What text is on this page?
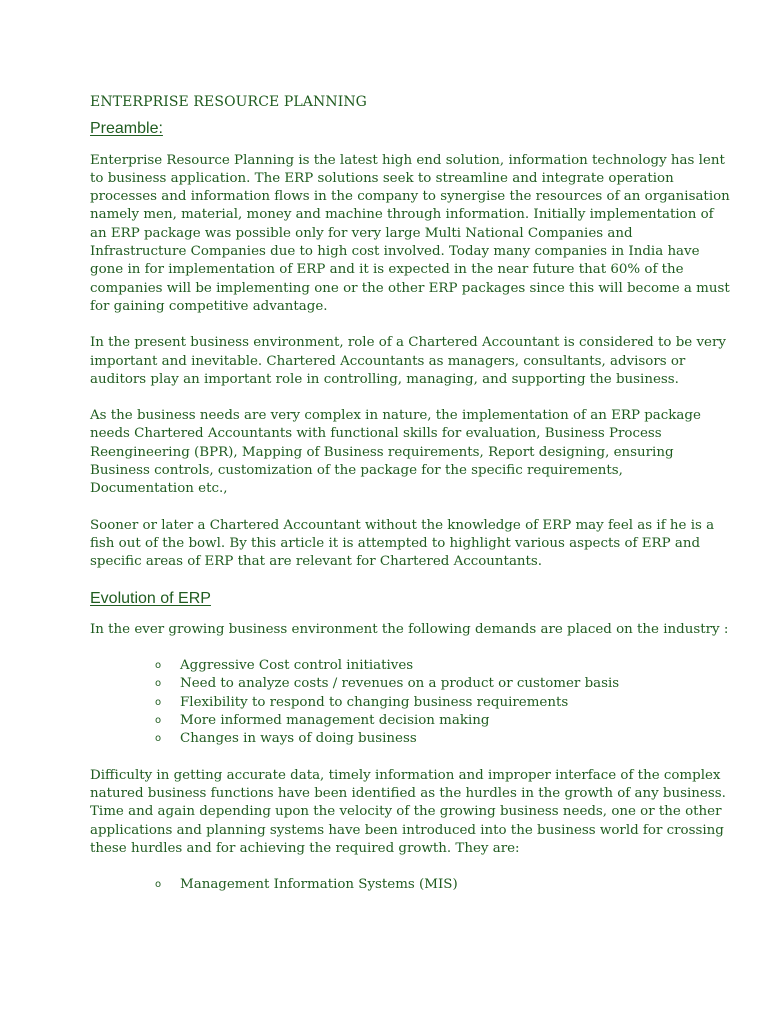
ENTERPRISE RESOURCE PLANNING
Preamble:

Enterprise Resource Planning is the latest high end solution, information technology has lent to business application. The ERP solutions seek to streamline and integrate operation processes and information flows in the company to synergise the resources of an organisation namely men, material, money and machine through information. Initially implementation of an ERP package was possible only for very large Multi National Companies and Infrastructure Companies due to high cost involved. Today many companies in India have gone in for implementation of ERP and it is expected in the near future that 60% of the companies will be implementing one or the other ERP packages since this will become a must for gaining competitive advantage.

In the present business environment, role of a Chartered Accountant is considered to be very important and inevitable. Chartered Accountants as managers, consultants, advisors or auditors play an important role in controlling, managing, and supporting the business.

As the business needs are very complex in nature, the implementation of an ERP package needs Chartered Accountants with functional skills for evaluation, Business Process Reengineering (BPR), Mapping of Business requirements, Report designing, ensuring Business controls, customization of the package for the specific requirements, Documentation etc.,

Sooner or later a Chartered Accountant without the knowledge of ERP may feel as if he is a fish out of the bowl. By this article it is attempted to highlight various aspects of ERP and specific areas of ERP that are relevant for Chartered Accountants.

Evolution of ERP

In the ever growing business environment the following demands are placed on the industry :

o Aggressive Cost control initiatives
o Need to analyze costs / revenues on a product or customer basis
o Flexibility to respond to changing business requirements
o More informed management decision making
o Changes in ways of doing business

Difficulty in getting accurate data, timely information and improper interface of the complex natured business functions have been identified as the hurdles in the growth of any business. Time and again depending upon the velocity of the growing business needs, one or the other applications and planning systems have been introduced into the business world for crossing these hurdles and for achieving the required growth. They are:

o Management Information Systems (MIS)
